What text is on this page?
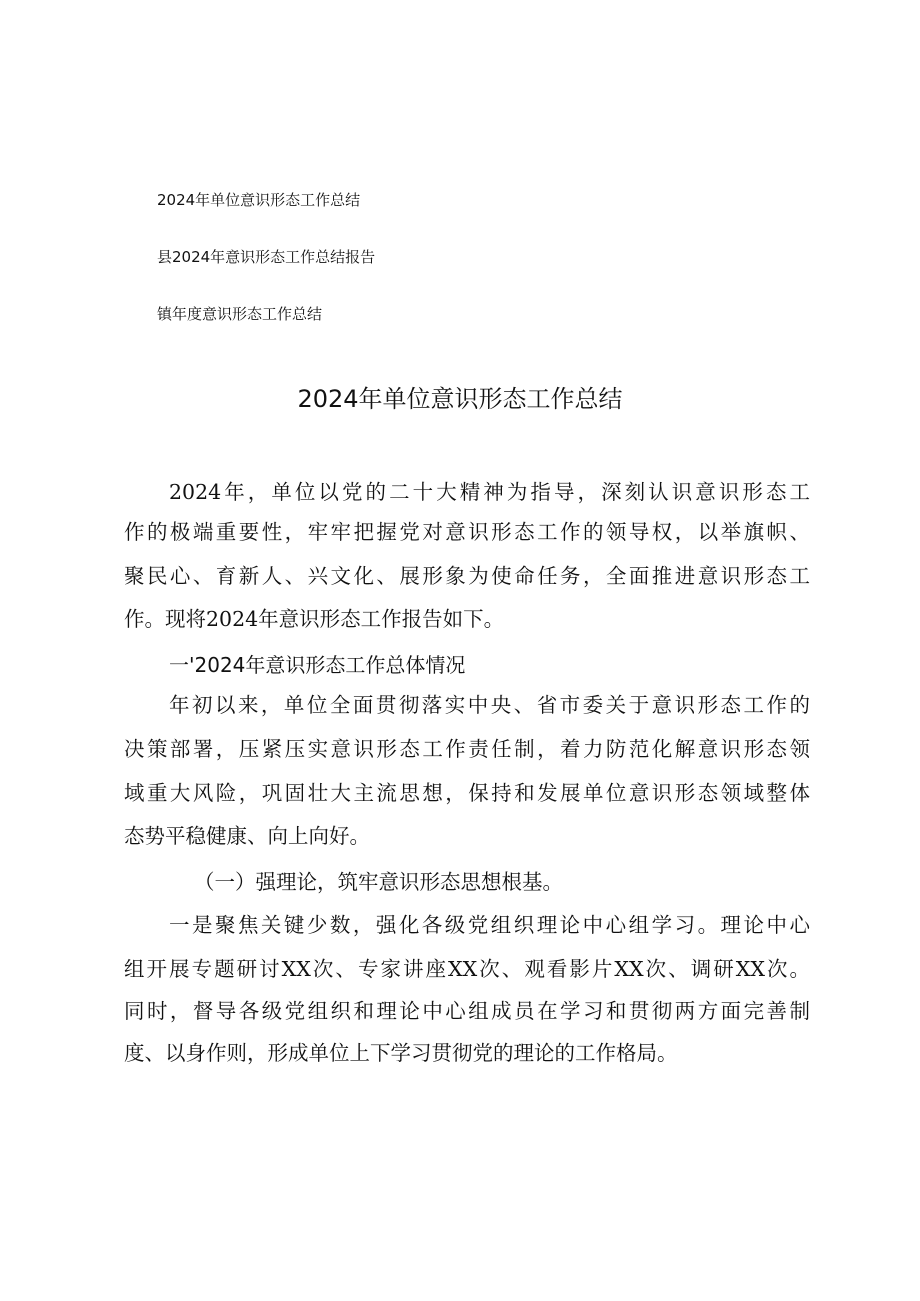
2024年单位意识形态工作总结
县2024年意识形态工作总结报告
镇年度意识形态工作总结
2024年单位意识形态工作总结
2024年，单位以党的二十大精神为指导，深刻认识意识形态工
作的极端重要性，牢牢把握党对意识形态工作的领导权，以举旗帜、
聚民心、育新人、兴文化、展形象为使命任务，全面推进意识形态工
作。现将2024年意识形态工作报告如下。
一'2024年意识形态工作总体情况
年初以来，单位全面贯彻落实中央、省市委关于意识形态工作的
决策部署，压紧压实意识形态工作责任制，着力防范化解意识形态领
域重大风险，巩固壮大主流思想，保持和发展单位意识形态领域整体
态势平稳健康、向上向好。
（一）强理论，筑牢意识形态思想根基。
一是聚焦关键少数，强化各级党组织理论中心组学习。理论中心
组开展专题研讨XX次、专家讲座XX次、观看影片XX次、调研XX次。
同时，督导各级党组织和理论中心组成员在学习和贯彻两方面完善制
度、以身作则，形成单位上下学习贯彻党的理论的工作格局。
